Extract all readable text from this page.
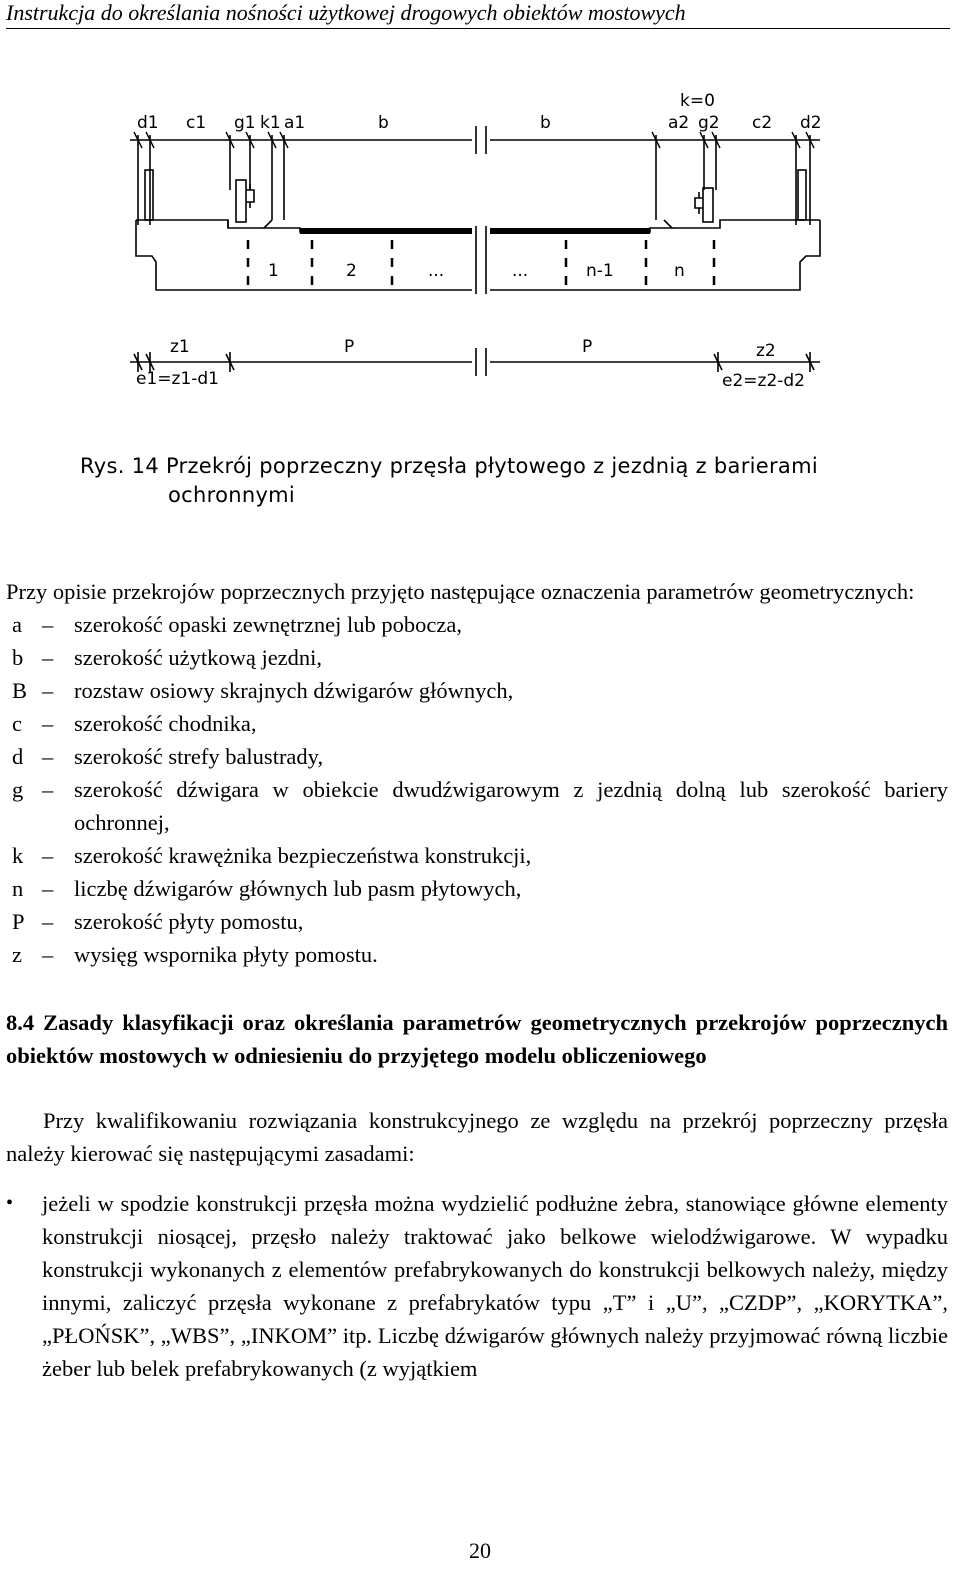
Instrukcja do określania nośności użytkowej drogowych obiektów mostowych
d1 c1 g1 k1 a1	b	b
k=0
a2 g2 c2 d2
1	2	...	...	n-1	n
z1	P	P	z2
e1=z1-d1	e2=z2-d2
Rys. 14 Przekrój poprzeczny przęsła płytowego z jezdnią z barierami
ochronnymi

Przy opisie przekrojów poprzecznych przyjęto następujące oznaczenia parametrów geometrycznych:

a – szerokość opaski zewnętrznej lub pobocza,
b – szerokość użytkową jezdni,
B – rozstaw osiowy skrajnych dźwigarów głównych,
c – szerokość chodnika,
d – szerokość strefy balustrady,
g – szerokość dźwigara w obiekcie dwudźwigarowym z jezdnią dolną lub szerokość bariery ochronnej,
k – szerokość krawężnika bezpieczeństwa konstrukcji,
n – liczbę dźwigarów głównych lub pasm płytowych,
P – szerokość płyty pomostu,
z – wysięg wspornika płyty pomostu.
8.4 Zasady klasyfikacji oraz określania parametrów geometrycznych przekrojów poprzecznych obiektów mostowych w odniesieniu do przyjętego modelu obliczeniowego

Przy kwalifikowaniu rozwiązania konstrukcyjnego ze względu na przekrój poprzeczny przęsła należy kierować się następującymi zasadami:

•	jeżeli w spodzie konstrukcji przęsła można wydzielić podłużne żebra, stanowiące główne elementy konstrukcji niosącej, przęsło należy traktować jako belkowe wielodźwigarowe. W wypadku konstrukcji wykonanych z elementów prefabrykowanych do konstrukcji belkowych należy, między innymi, zaliczyć przęsła wykonane z prefabrykatów typu „T” i „U”, „CZDP”, „KORYTKA”, „PŁOŃSK”, „WBS”, „INKOM” itp. Liczbę dźwigarów głównych należy przyjmować równą liczbie żeber lub belek prefabrykowanych (z wyjątkiem
20
